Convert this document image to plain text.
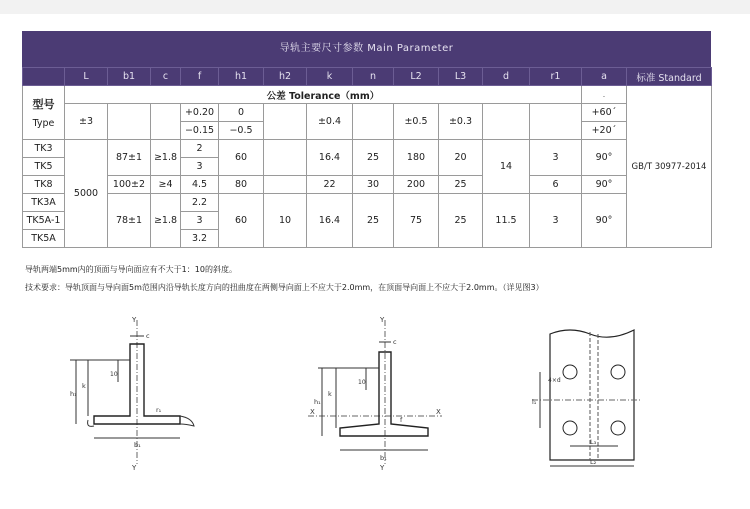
导轨主要尺寸参数 Main Parameter
	L	b1	c	f	h1	h2	k	n	L2	L3	d	r1	a	标准 Standard

型号
Type	公差 Tolerance（mm）												.	GB/T 30977-2014
	±3			+0.20	0		±0.4		±0.5	±0.3			+60´	
				−0.15	−0.5								+20´	
TK3	5000	87±1	≥1.8	2	60		16.4	25	180	20	14	3	90°	
TK5				3										
TK8		100±2	≥4	4.5	80		22	30	200	25		6	90°	
TK3A		78±1	≥1.8	2.2	60	10	16.4	25	75	25	11.5	3	90°	
TK5A-1				3										
TK5A				3.2										
导轨两端5mm内的顶面与导向面应有不大于1：10的斜度。
技术要求：导轨顶面与导向面5m范围内沿导轨长度方向的扭曲度在两侧导向面上不应大于2.0mm，在顶面导向面上不应大于2.0mm。（详见图3）
Y
Y
c
h₁
k
10
r₁
b₁
Y
Y
X	X
c
h₁
k
10
f
b₁
l₁
4×d
L₃
L₂
